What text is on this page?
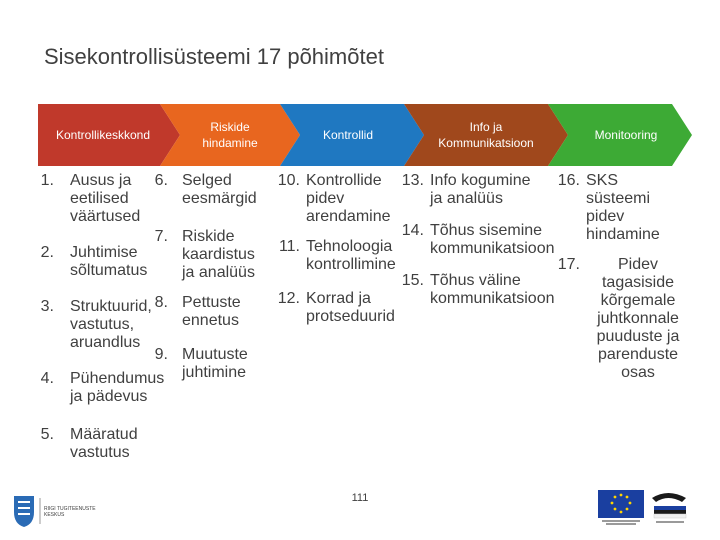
Sisekontrollisüsteemi 17 põhimõtet
Kontrollikeskkond
Riskide hindamine
Kontrollid
Info ja Kommunikatsioon
Monitooring
1. Ausus ja eetilised väärtused
2. Juhtimise sõltumatus
3. Struktuurid, vastutus, aruandlus
4. Pühendumus ja pädevus
5. Määratud vastutus
6. Selged eesmärgid
7. Riskide kaardistus ja analüüs
8. Pettuste ennetus
9. Muutuste juhtimine
10. Kontrollide pidev arendamine
11. Tehnoloogia kontrollimine
12. Korrad ja protseduurid
13. Info kogumine ja analüüs
14. Tõhus sisemine kommunikatsioon
15. Tõhus väline kommunikatsioon
16. SKS süsteemi pidev hindamine
17.	Pidev tagasiside kõrgemale juhtkonnale puuduste ja parenduste osas
111
RIIGI TUGITEENUSTE KESKUS
